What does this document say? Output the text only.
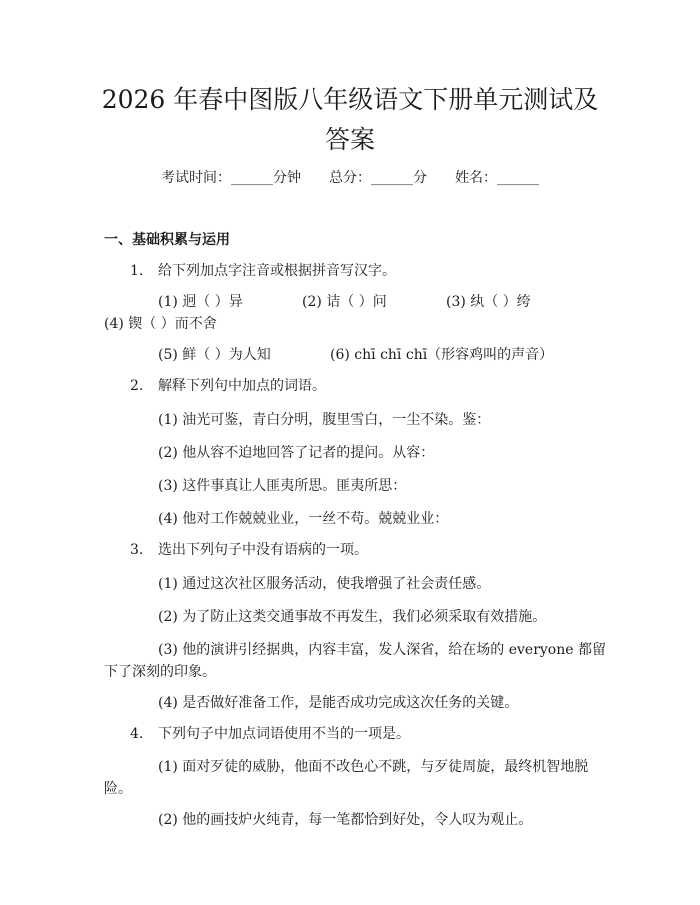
2026 年春中图版八年级语文下册单元测试及
答案
考试时间：______分钟 总分：______分 姓名：______
一、基础积累与运用
1. 给下列加点字注音或根据拼音写汉字。
(1) 迥（ ）异	(2) 诘（ ）问	(3) 纨（ ）绔
(4) 锲（ ）而不舍
(5) 鲜（ ）为人知	(6) chī chī chī（形容鸡叫的声音）
2. 解释下列句中加点的词语。
(1) 油光可鉴，青白分明，腹里雪白，一尘不染。鉴：
(2) 他从容不迫地回答了记者的提问。从容：
(3) 这件事真让人匪夷所思。匪夷所思：
(4) 他对工作兢兢业业，一丝不苟。兢兢业业：
3. 选出下列句子中没有语病的一项。
(1) 通过这次社区服务活动，使我增强了社会责任感。
(2) 为了防止这类交通事故不再发生，我们必须采取有效措施。
(3) 他的演讲引经据典，内容丰富，发人深省，给在场的 everyone 都留
下了深刻的印象。
(4) 是否做好准备工作，是能否成功完成这次任务的关键。
4. 下列句子中加点词语使用不当的一项是。
(1) 面对歹徒的威胁，他面不改色心不跳，与歹徒周旋，最终机智地脱
险。
(2) 他的画技炉火纯青，每一笔都恰到好处，令人叹为观止。
